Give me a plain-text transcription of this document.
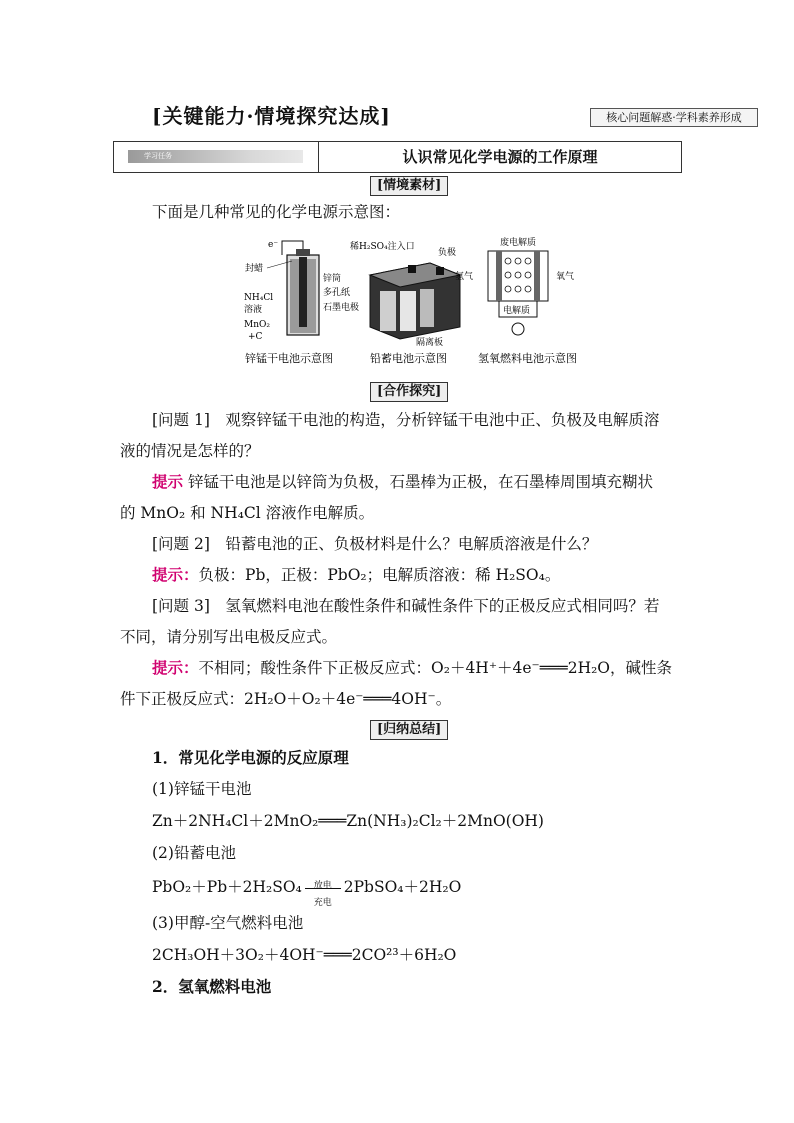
[关键能力·情境探究达成]	核心问题解惑·学科素养形成
学习任务	认识常见化学电源的工作原理
[情境素材]
下面是几种常见的化学电源示意图：
e⁻
封蜡
锌筒
多孔纸
石墨电极
NH₄Cl
溶液
MnO₂
+C
锌锰干电池示意图
稀H₂SO₄注入口
负极
隔离板
铅蓄电池示意图
废电解质
氢气	氧气
电解质
氢氧燃料电池示意图
[合作探究]
[问题 1]　观察锌锰干电池的构造，分析锌锰干电池中正、负极及电解质溶
液的情况是怎样的？
提示 锌锰干电池是以锌筒为负极，石墨棒为正极，在石墨棒周围填充糊状
的 MnO₂ 和 NH₄Cl 溶液作电解质。
[问题 2]　铅蓄电池的正、负极材料是什么？电解质溶液是什么？
提示：负极：Pb，正极：PbO₂；电解质溶液：稀 H₂SO₄。
[问题 3]　氢氧燃料电池在酸性条件和碱性条件下的正极反应式相同吗？若
不同，请分别写出电极反应式。
提示：不相同；酸性条件下正极反应式：O₂＋4H⁺＋4e⁻═══2H₂O，碱性条
件下正极反应式：2H₂O＋O₂＋4e⁻═══4OH⁻。
[归纳总结]
1．常见化学电源的反应原理
(1)锌锰干电池
Zn＋2NH₄Cl＋2MnO₂═══Zn(NH₃)₂Cl₂＋2MnO(OH)
(2)铅蓄电池
PbO₂＋Pb＋2H₂SO₄	放电
充电
2PbSO₄＋2H₂O
(3)甲醇-空气燃料电池
2CH₃OH＋3O₂＋4OH⁻═══2CO²³＋6H₂O
2．氢氧燃料电池
